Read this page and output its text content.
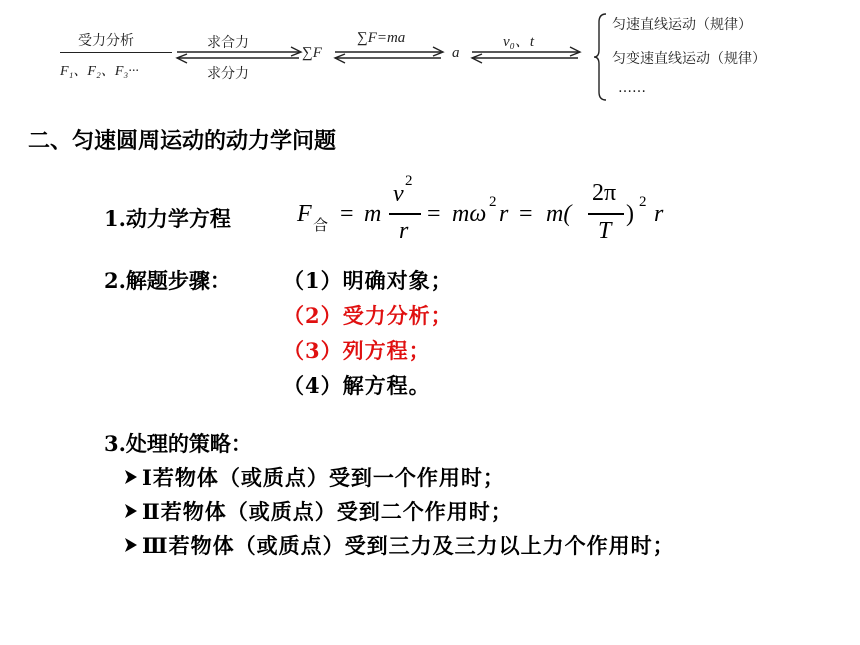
受力分析
F₁、F₂、F₃···
求合力
求分力
∑F
∑F=ma
a
v₀、t
匀速直线运动（规律）
匀变速直线运动（规律）
……
二、匀速圆周运动的动力学问题
1.动力学方程	F 合 = m
v 2
r
= mω 2 r = m(
2π
T
) 2 r
2.解题步骤： （1）明确对象；
（2）受力分析；
（3）列方程；
（4）解方程。
3.处理的策略：
Ⅰ若物体（或质点）受到一个作用时；
Ⅱ若物体（或质点）受到二个作用时；
Ⅲ若物体（或质点）受到三力及三力以上力个作用时；
